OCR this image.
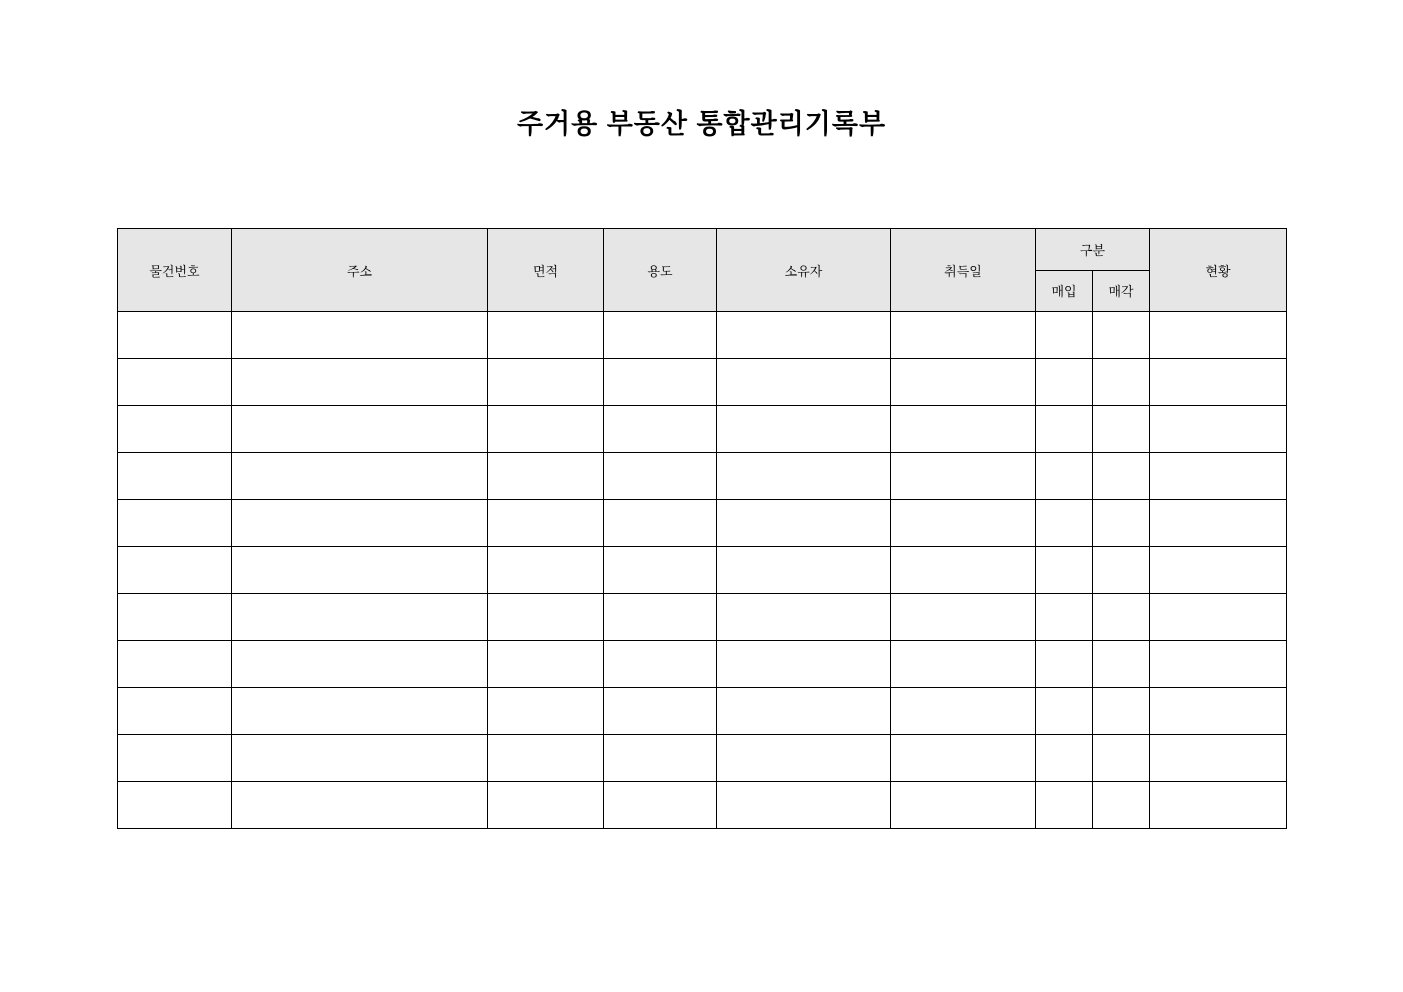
주거용 부동산 통합관리기록부
물건번호	주소	면적	용도	소유자	취득일	구분		현황
						매입	매각	
